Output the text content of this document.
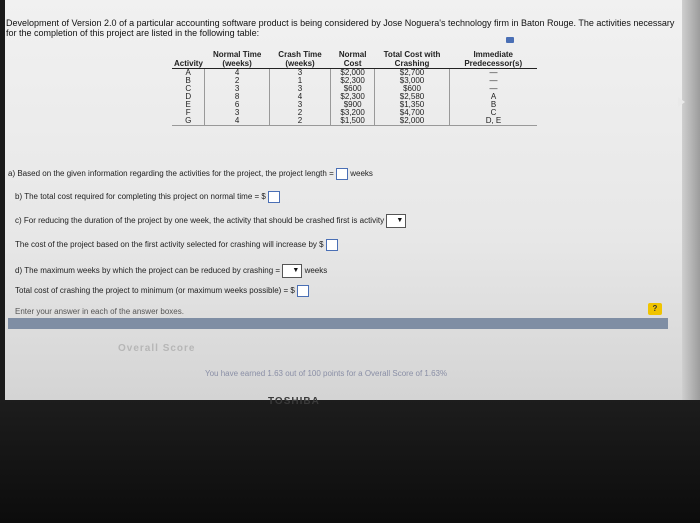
Development of Version 2.0 of a particular accounting software product is being considered by Jose Noguera's technology firm in Baton Rouge. The activities necessary for the completion of this project are listed in the following table:
Activity	Normal Time (weeks)	Crash Time (weeks)	Normal Cost	Total Cost with Crashing	Immediate Predecessor(s)
A	4	3	$2,000	$2,700	—
B	2	1	$2,300	$3,000	—
C	3	3	$600	$600	—
D	8	4	$2,300	$2,580	A
E	6	3	$900	$1,350	B
F	3	2	$3,200	$4,700	C
G	4	2	$1,500	$2,000	D, E
a) Based on the given information regarding the activities for the project, the project length = weeks
b) The total cost required for completing this project on normal time = $
c) For reducing the duration of the project by one week, the activity that should be crashed first is activity ▼
The cost of the project based on the first activity selected for crashing will increase by $
d) The maximum weeks by which the project can be reduced by crashing = ▼ weeks
Total cost of crashing the project to minimum (or maximum weeks possible) = $
Enter your answer in each of the answer boxes.	?
Overall Score
You have earned 1.63 out of 100 points for a Overall Score of 1.63%
TOSHIBA
